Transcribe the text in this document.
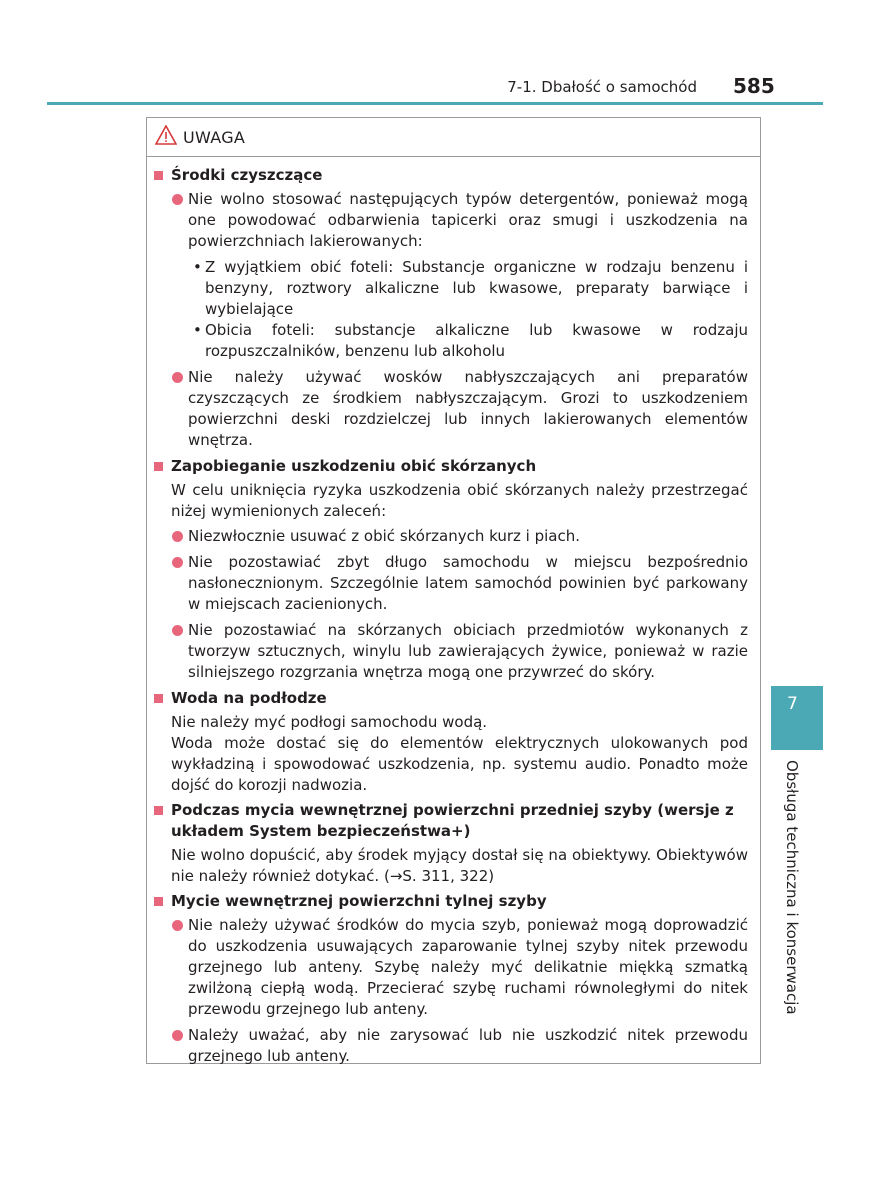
7-1. Dbałość o samochód 585
UWAGA
Środki czyszczące
Nie wolno stosować następujących typów detergentów, ponieważ mogą one powodować odbarwienia tapicerki oraz smugi i uszkodzenia na powierzchniach lakierowanych:
• Z wyjątkiem obić foteli: Substancje organiczne w rodzaju benzenu i benzyny, roztwory alkaliczne lub kwasowe, preparaty barwiące i wybielające
• Obicia foteli: substancje alkaliczne lub kwasowe w rodzaju rozpuszczalników, benzenu lub alkoholu
Nie należy używać wosków nabłyszczających ani preparatów czyszczących ze środkiem nabłyszczającym. Grozi to uszkodzeniem powierzchni deski rozdzielczej lub innych lakierowanych elementów wnętrza.
Zapobieganie uszkodzeniu obić skórzanych
W celu uniknięcia ryzyka uszkodzenia obić skórzanych należy przestrzegać niżej wymienionych zaleceń:
Niezwłocznie usuwać z obić skórzanych kurz i piach.
Nie pozostawiać zbyt długo samochodu w miejscu bezpośrednio nasłonecznionym. Szczególnie latem samochód powinien być parkowany w miejscach zacienionych.
Nie pozostawiać na skórzanych obiciach przedmiotów wykonanych z tworzyw sztucznych, winylu lub zawierających żywice, ponieważ w razie silniejszego rozgrzania wnętrza mogą one przywrzeć do skóry.
Woda na podłodze
Nie należy myć podłogi samochodu wodą.
Woda może dostać się do elementów elektrycznych ulokowanych pod wykładziną i spowodować uszkodzenia, np. systemu audio. Ponadto może dojść do korozji nadwozia.
Podczas mycia wewnętrznej powierzchni przedniej szyby (wersje z układem System bezpieczeństwa+)
Nie wolno dopuścić, aby środek myjący dostał się na obiektywy. Obiektywów nie należy również dotykać. (→S. 311, 322)
Mycie wewnętrznej powierzchni tylnej szyby
Nie należy używać środków do mycia szyb, ponieważ mogą doprowadzić do uszkodzenia usuwających zaparowanie tylnej szyby nitek przewodu grzejnego lub anteny. Szybę należy myć delikatnie miękką szmatką zwilżoną ciepłą wodą. Przecierać szybę ruchami równoległymi do nitek przewodu grzejnego lub anteny.
Należy uważać, aby nie zarysować lub nie uszkodzić nitek przewodu grzejnego lub anteny.
7
Obsługa techniczna i konserwacja
